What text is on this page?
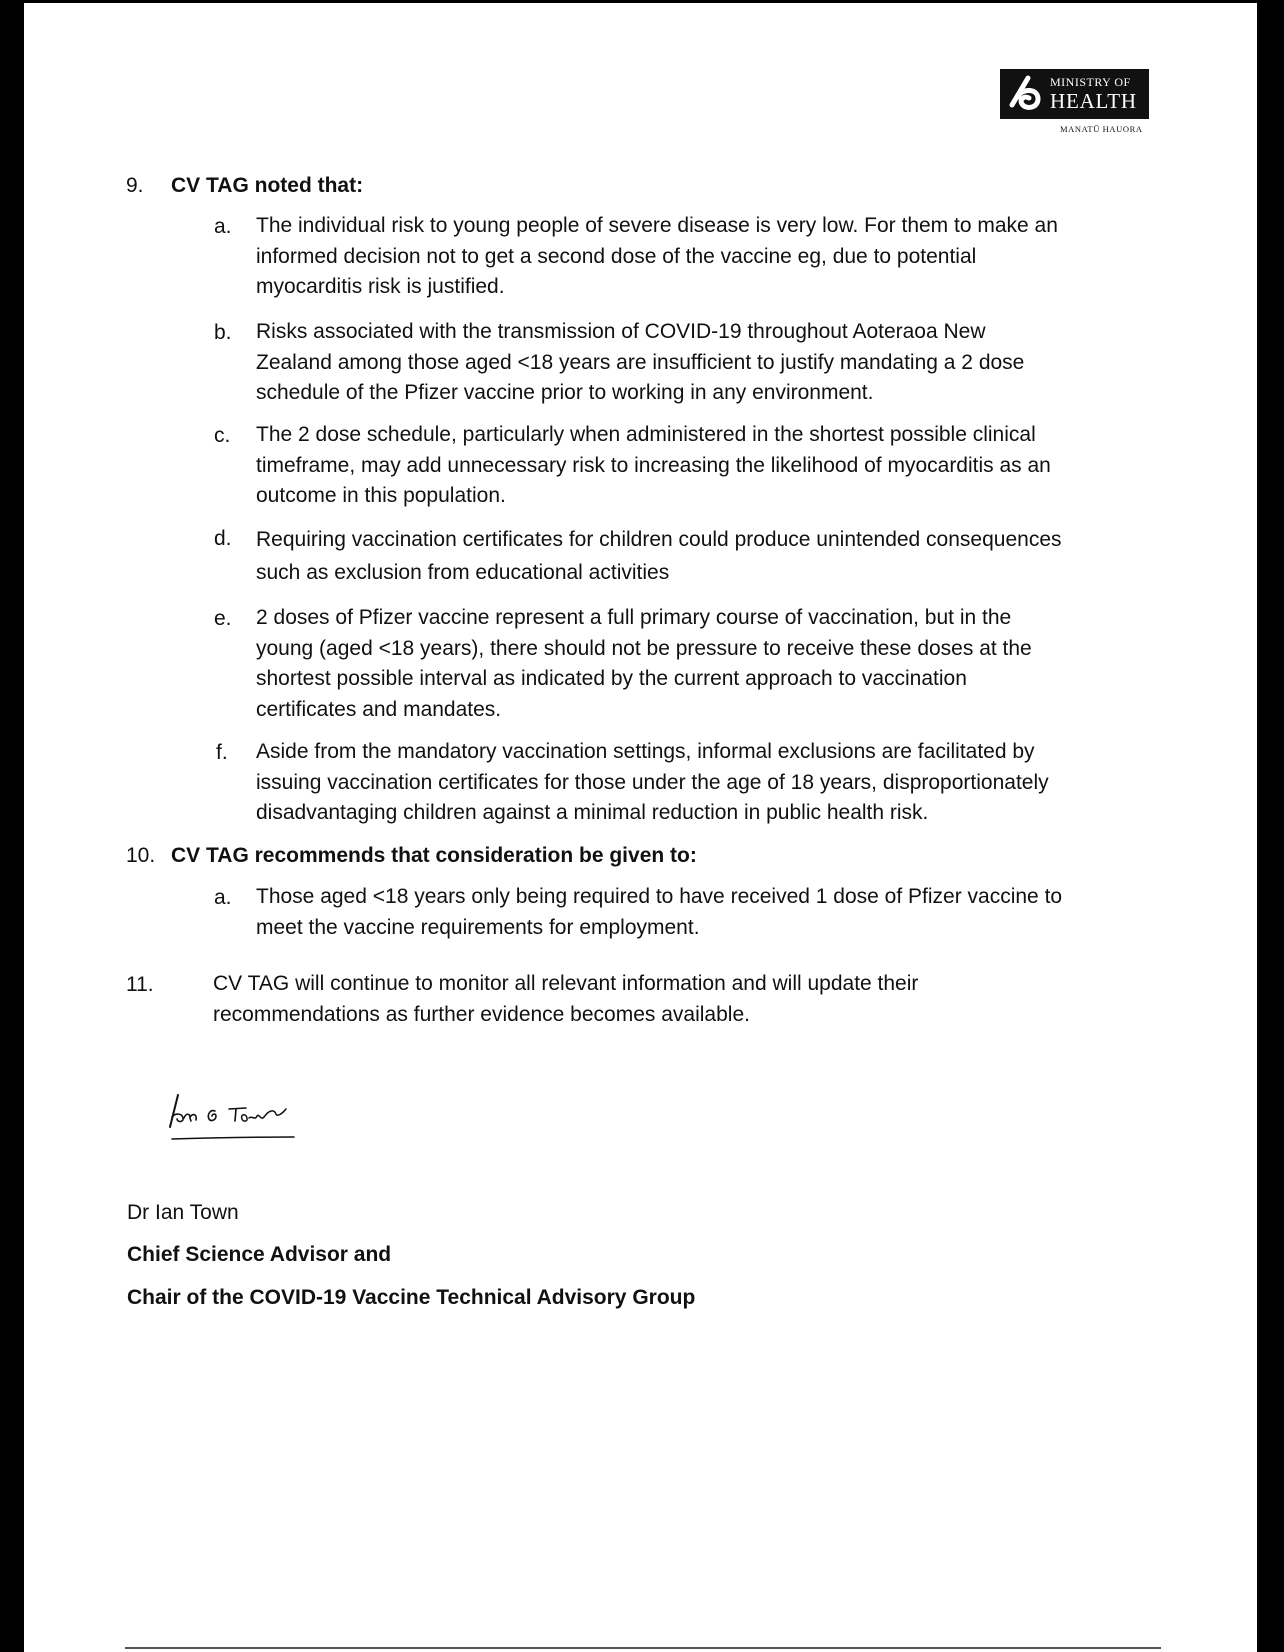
MINISTRY OF
HEALTH
MANATŪ HAUORA
9. CV TAG noted that:
a. The individual risk to young people of severe disease is very low. For them to make an
informed decision not to get a second dose of the vaccine eg, due to potential
myocarditis risk is justified.
b. Risks associated with the transmission of COVID-19 throughout Aoteraoa New
Zealand among those aged <18 years are insufficient to justify mandating a 2 dose
schedule of the Pfizer vaccine prior to working in any environment.
c. The 2 dose schedule, particularly when administered in the shortest possible clinical
timeframe, may add unnecessary risk to increasing the likelihood of myocarditis as an
outcome in this population.
d. Requiring vaccination certificates for children could produce unintended consequences
such as exclusion from educational activities
e. 2 doses of Pfizer vaccine represent a full primary course of vaccination, but in the
young (aged <18 years), there should not be pressure to receive these doses at the
shortest possible interval as indicated by the current approach to vaccination
certificates and mandates.
f. Aside from the mandatory vaccination settings, informal exclusions are facilitated by
issuing vaccination certificates for those under the age of 18 years, disproportionately
disadvantaging children against a minimal reduction in public health risk.
10. CV TAG recommends that consideration be given to:
a. Those aged <18 years only being required to have received 1 dose of Pfizer vaccine to
meet the vaccine requirements for employment.
11.	CV TAG will continue to monitor all relevant information and will update their
recommendations as further evidence becomes available.
Dr Ian Town
Chief Science Advisor and
Chair of the COVID-19 Vaccine Technical Advisory Group
